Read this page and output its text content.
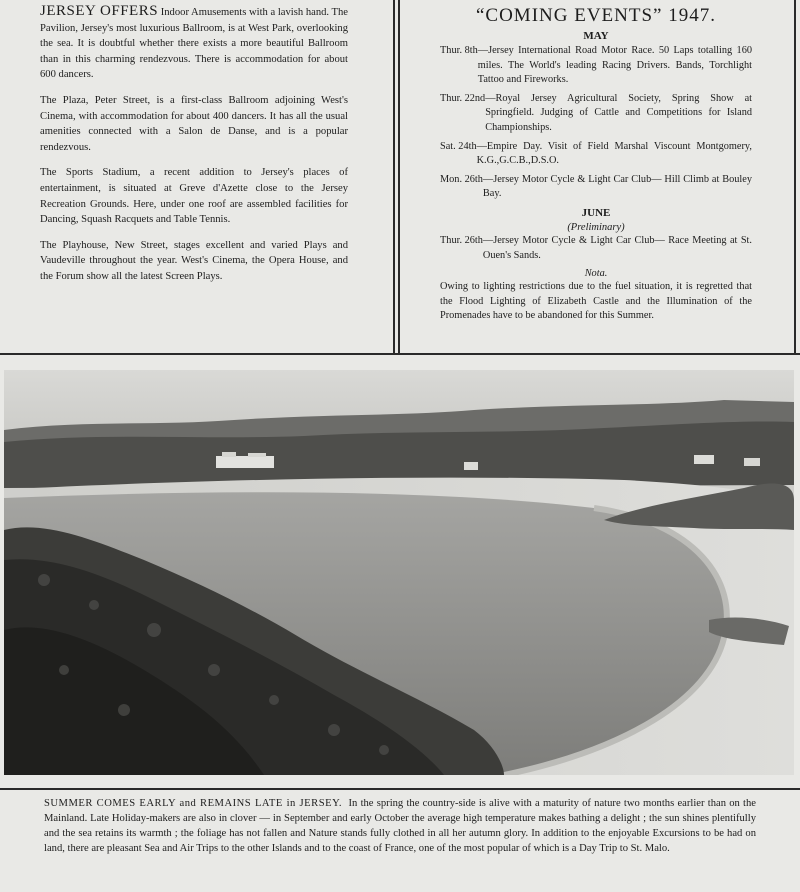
JERSEY OFFERS Indoor Amusements with a lavish hand. The Pavilion, Jersey's most luxurious Ballroom, is at West Park, overlooking the sea. It is doubtful whether there exists a more beautiful Ballroom than in this charming rendezvous. There is accommodation for about 600 dancers.

The Plaza, Peter Street, is a first-class Ballroom adjoining West's Cinema, with accommodation for about 400 dancers. It has all the usual amenities connected with a Salon de Danse, and is a popular rendezvous.

The Sports Stadium, a recent addition to Jersey's places of entertainment, is situated at Greve d'Azette close to the Jersey Recreation Grounds. Here, under one roof are assembled facilities for Dancing, Squash Racquets and Table Tennis.

The Playhouse, New Street, stages excellent and varied Plays and Vaudeville throughout the year. West's Cinema, the Opera House, and the Forum show all the latest Screen Plays.

“COMING EVENTS” 1947.
MAY
Thur. 8th —Jersey International Road Motor Race. 50 Laps totalling 160 miles. The World's leading Racing Drivers. Bands, Torchlight Tattoo and Fireworks.
Thur. 22nd —Royal Jersey Agricultural Society, Spring Show at Springfield. Judging of Cattle and Competitions for Island Championships.
Sat. 24th —Empire Day. Visit of Field Marshal Viscount Montgomery, K.G.,G.C.B.,D.S.O.
Mon. 26th —Jersey Motor Cycle & Light Car Club— Hill Climb at Bouley Bay.
JUNE
(Preliminary)
Thur. 26th —Jersey Motor Cycle & Light Car Club— Race Meeting at St. Ouen's Sands.
Nota.
Owing to lighting restrictions due to the fuel situation, it is regretted that the Flood Lighting of Elizabeth Castle and the Illumination of the Promenades have to be abandoned for this Summer.

SUMMER COMES EARLY and REMAINS LATE in JERSEY. In the spring the country-side is alive with a maturity of nature two months earlier than on the Mainland. Late Holiday-makers are also in clover — in September and early October the average high temperature makes bathing a delight ; the sun shines plentifully and the sea retains its warmth ; the foliage has not fallen and Nature stands fully clothed in all her autumn glory. In addition to the enjoyable Excursions to be had on land, there are pleasant Sea and Air Trips to the other Islands and to the coast of France, one of the most popular of which is a Day Trip to St. Malo.
